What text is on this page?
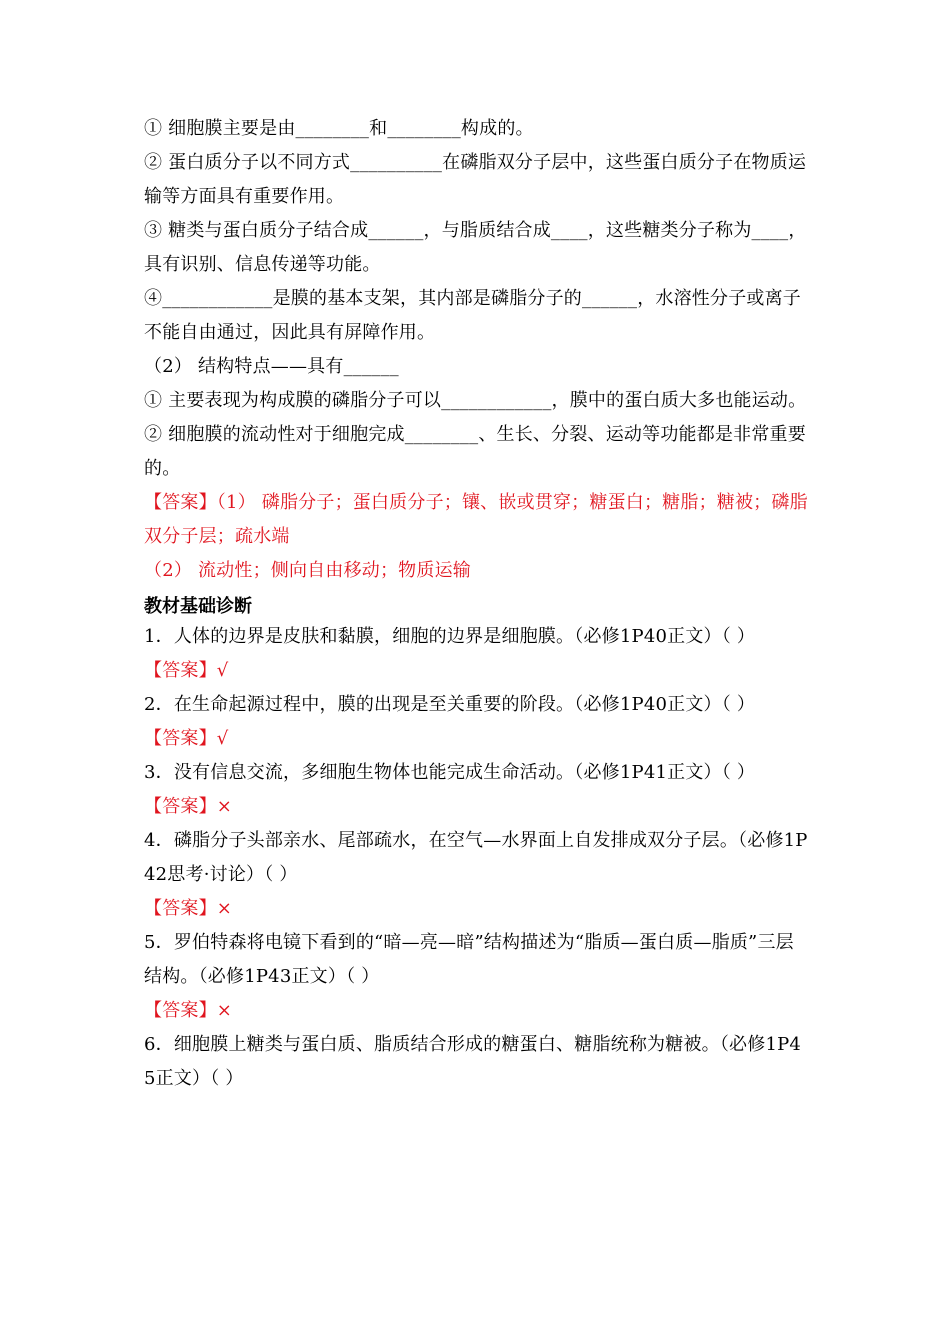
① 细胞膜主要是由________和________构成的。

② 蛋白质分子以不同方式__________在磷脂双分子层中，这些蛋白质分子在物质运输等方面具有重要作用。

③ 糖类与蛋白质分子结合成______，与脂质结合成____，这些糖类分子称为____，具有识别、信息传递等功能。

④____________是膜的基本支架，其内部是磷脂分子的______，水溶性分子或离子不能自由通过，因此具有屏障作用。

（2） 结构特点——具有______

① 主要表现为构成膜的磷脂分子可以____________，膜中的蛋白质大多也能运动。

② 细胞膜的流动性对于细胞完成________、生长、分裂、运动等功能都是非常重要的。

【答案】（1） 磷脂分子；蛋白质分子；镶、嵌或贯穿；糖蛋白；糖脂；糖被；磷脂双分子层；疏水端

（2） 流动性；侧向自由移动；物质运输

教材基础诊断

1．人体的边界是皮肤和黏膜，细胞的边界是细胞膜。（必修1P40正文）（ ）

【答案】√

2．在生命起源过程中，膜的出现是至关重要的阶段。（必修1P40正文）（ ）

【答案】√

3．没有信息交流，多细胞生物体也能完成生命活动。（必修1P41正文）（ ）

【答案】×

4．磷脂分子头部亲水、尾部疏水，在空气—水界面上自发排成双分子层。（必修1P42思考·讨论）（ ）

【答案】×

5．罗伯特森将电镜下看到的“暗—亮—暗”结构描述为“脂质—蛋白质—脂质”三层结构。（必修1P43正文）（ ）

【答案】×

6．细胞膜上糖类与蛋白质、脂质结合形成的糖蛋白、糖脂统称为糖被。（必修1P45正文）（ ）
